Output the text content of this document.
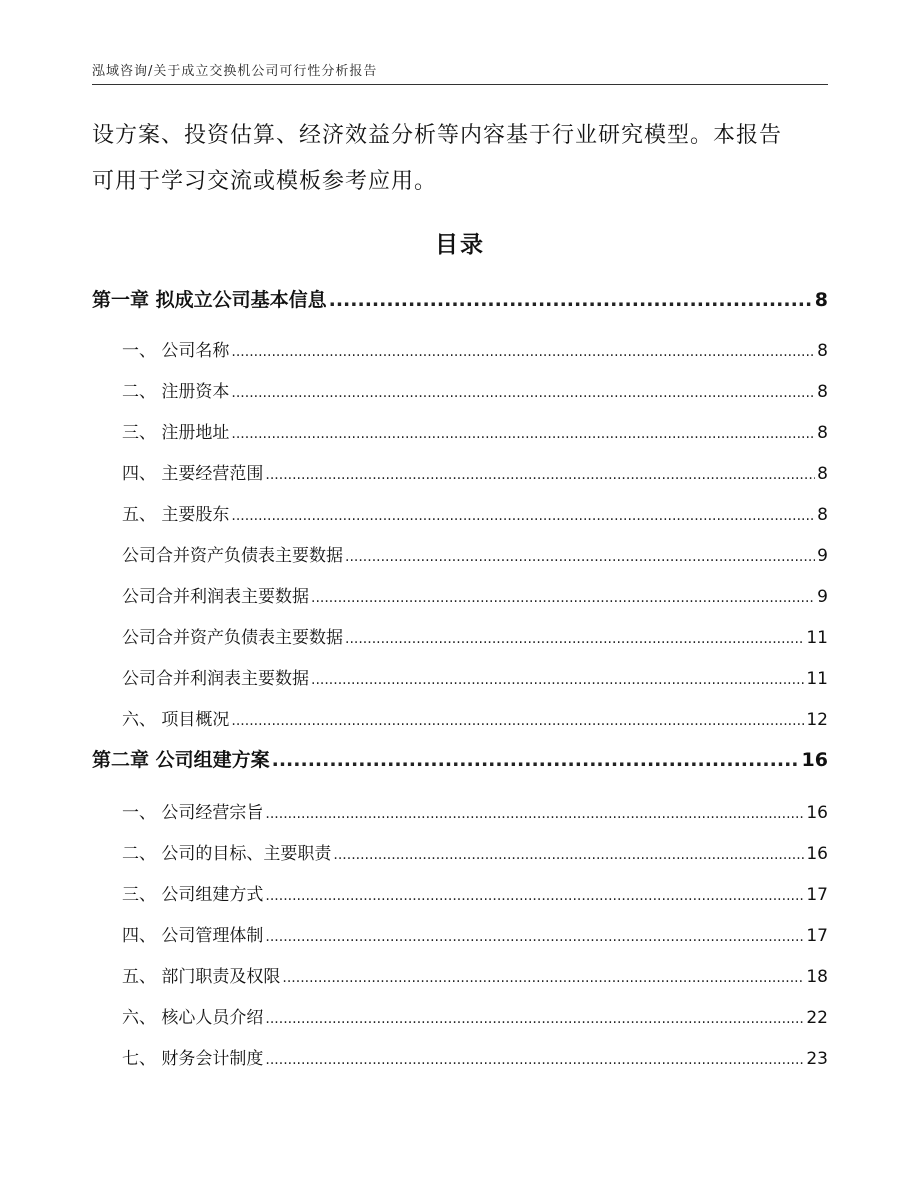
泓域咨询/关于成立交换机公司可行性分析报告

设方案、投资估算、经济效益分析等内容基于行业研究模型。本报告

可用于学习交流或模板参考应用。

目录
第一章 拟成立公司基本信息 .....	8
一、 公司名称 .....	8
二、 注册资本 .....	8
三、 注册地址 .....	8
四、 主要经营范围 .....	8
五、 主要股东 .....	8
公司合并资产负债表主要数据 .....	9
公司合并利润表主要数据 .....	9
公司合并资产负债表主要数据 .....	11
公司合并利润表主要数据 .....	11
六、 项目概况 .....	12
第二章 公司组建方案 .....	16
一、 公司经营宗旨 .....	16
二、 公司的目标、主要职责 .....	16
三、 公司组建方式 .....	17
四、 公司管理体制 .....	17
五、 部门职责及权限 .....	18
六、 核心人员介绍 .....	22
七、 财务会计制度 .....	23
